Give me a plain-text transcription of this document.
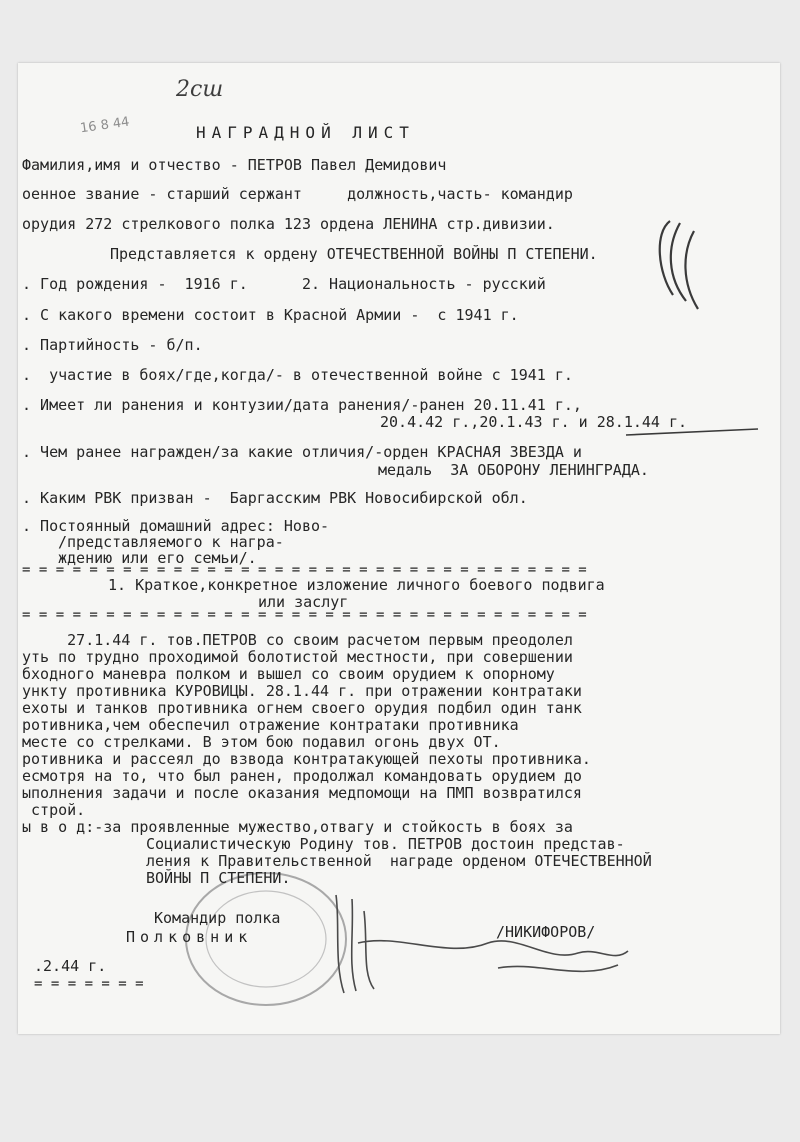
2сш
16 8 44	НАГРАДНОЙ ЛИСТ
Фамилия,имя и отчество - ПЕТРОВ Павел Демидович
оенное звание - старший сержант     должность,часть- командир
орудия 272 стрелкового полка 123 ордена ЛЕНИНА стр.дивизии.
Представляется к ордену ОТЕЧЕСТВЕННОЙ ВОЙНЫ П СТЕПЕНИ.
. Год рождения -  1916 г.      2. Национальность - русский
. С какого времени состоит в Красной Армии -  с 1941 г.
. Партийность - б/п.
.  участие в боях/где,когда/- в отечественной войне с 1941 г.
. Имеет ли ранения и контузии/дата ранения/-ранен 20.11.41 г.,
20.4.42 г.,20.1.43 г. и 28.1.44 г.
. Чем ранее награжден/за какие отличия/-орден КРАСНАЯ ЗВЕЗДА и
медаль  ЗА ОБОРОНУ ЛЕНИНГРАДА.
. Каким РВК призван -  Баргасским РВК Новосибирской обл.
. Постоянный домашний адрес: Ново-
/представляемого к награ-
ждению или его семьи/.
= = = = = = = = = = = = = = = = = = = = = = = = = = = = = = = = = =
1. Краткое,конкретное изложение личного боевого подвига
или заслуг
= = = = = = = = = = = = = = = = = = = = = = = = = = = = = = = = = =
27.1.44 г. тов.ПЕТРОВ со своим расчетом первым преодолел
уть по трудно проходимой болотистой местности, при совершении
бходного маневра полком и вышел со своим орудием к опорному
ункту противника КУРОВИЦЫ. 28.1.44 г. при отражении контратаки
ехоты и танков противника огнем своего орудия подбил один танк
ротивника,чем обеспечил отражение контратаки противника
месте со стрелками. В этом бою подавил огонь двух ОТ.
ротивника и рассеял до взвода контратакующей пехоты противника.
есмотря на то, что был ранен, продолжал командовать орудием до
ыполнения задачи и после оказания медпомощи на ПМП возвратился
строй.
ы в о д:-за проявленные мужество,отвагу и стойкость в боях за
Социалистическую Родину тов. ПЕТРОВ достоин представ-
ления к Правительственной  награде орденом ОТЕЧЕСТВЕННОЙ
ВОЙНЫ П СТЕПЕНИ.
Командир полка
Полковник	/НИКИФОРОВ/
.2.44 г.
= = = = = = =
